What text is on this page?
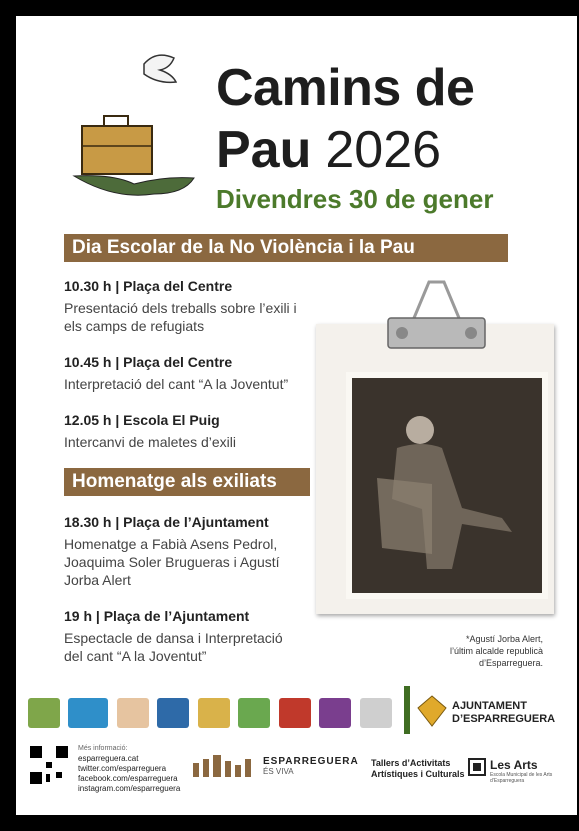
Camins de
Pau 2026
Divendres 30 de gener
Dia Escolar de la No Violència i la Pau
10.30 h | Plaça del Centre
Presentació dels treballs sobre l’exili i els camps de refugiats
10.45 h | Plaça del Centre
Interpretació del cant “A la Joventut”
12.05 h | Escola El Puig
Intercanvi de maletes d’exili
Homenatge als exiliats
18.30 h | Plaça de l’Ajuntament
Homenatge a Fabià Asens Pedrol, Joaquima Soler Brugueras i Agustí Jorba Alert
19 h | Plaça de l’Ajuntament
Espectacle de dansa i Interpretació del cant “A la Joventut”
*Agustí Jorba Alert,
l’últim alcalde republicà
d’Esparreguera.

AJUNTAMENT
D’ESPARREGUERA
Més informació:
esparreguera.cat
twitter.com/esparreguera
facebook.com/esparreguera
instagram.com/esparreguera
ESPARREGUERA
ÉS VIVA
Tallers d’Activitats
Artístiques i Culturals
Les Arts
Escola Municipal de les Arts d’Esparreguera
